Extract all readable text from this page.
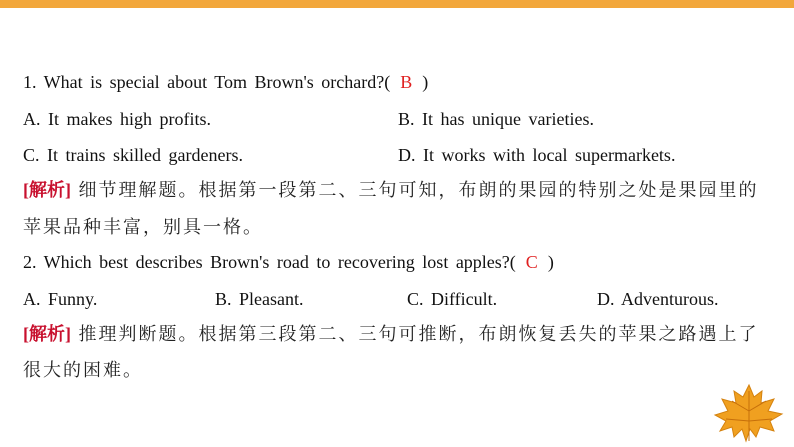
1. What is special about Tom Brown's orchard?( B )
A. It makes high profits.	B. It has unique varieties.
C. It trains skilled gardeners.	D. It works with local supermarkets.
[解析] 细节理解题。根据第一段第二、三句可知，布朗的果园的特别之处是果园里的
苹果品种丰富，别具一格。
2. Which best describes Brown's road to recovering lost apples?( C )
A. Funny.	B. Pleasant.	C. Difficult.	D. Adventurous.
[解析] 推理判断题。根据第三段第二、三句可推断，布朗恢复丢失的苹果之路遇上了
很大的困难。
